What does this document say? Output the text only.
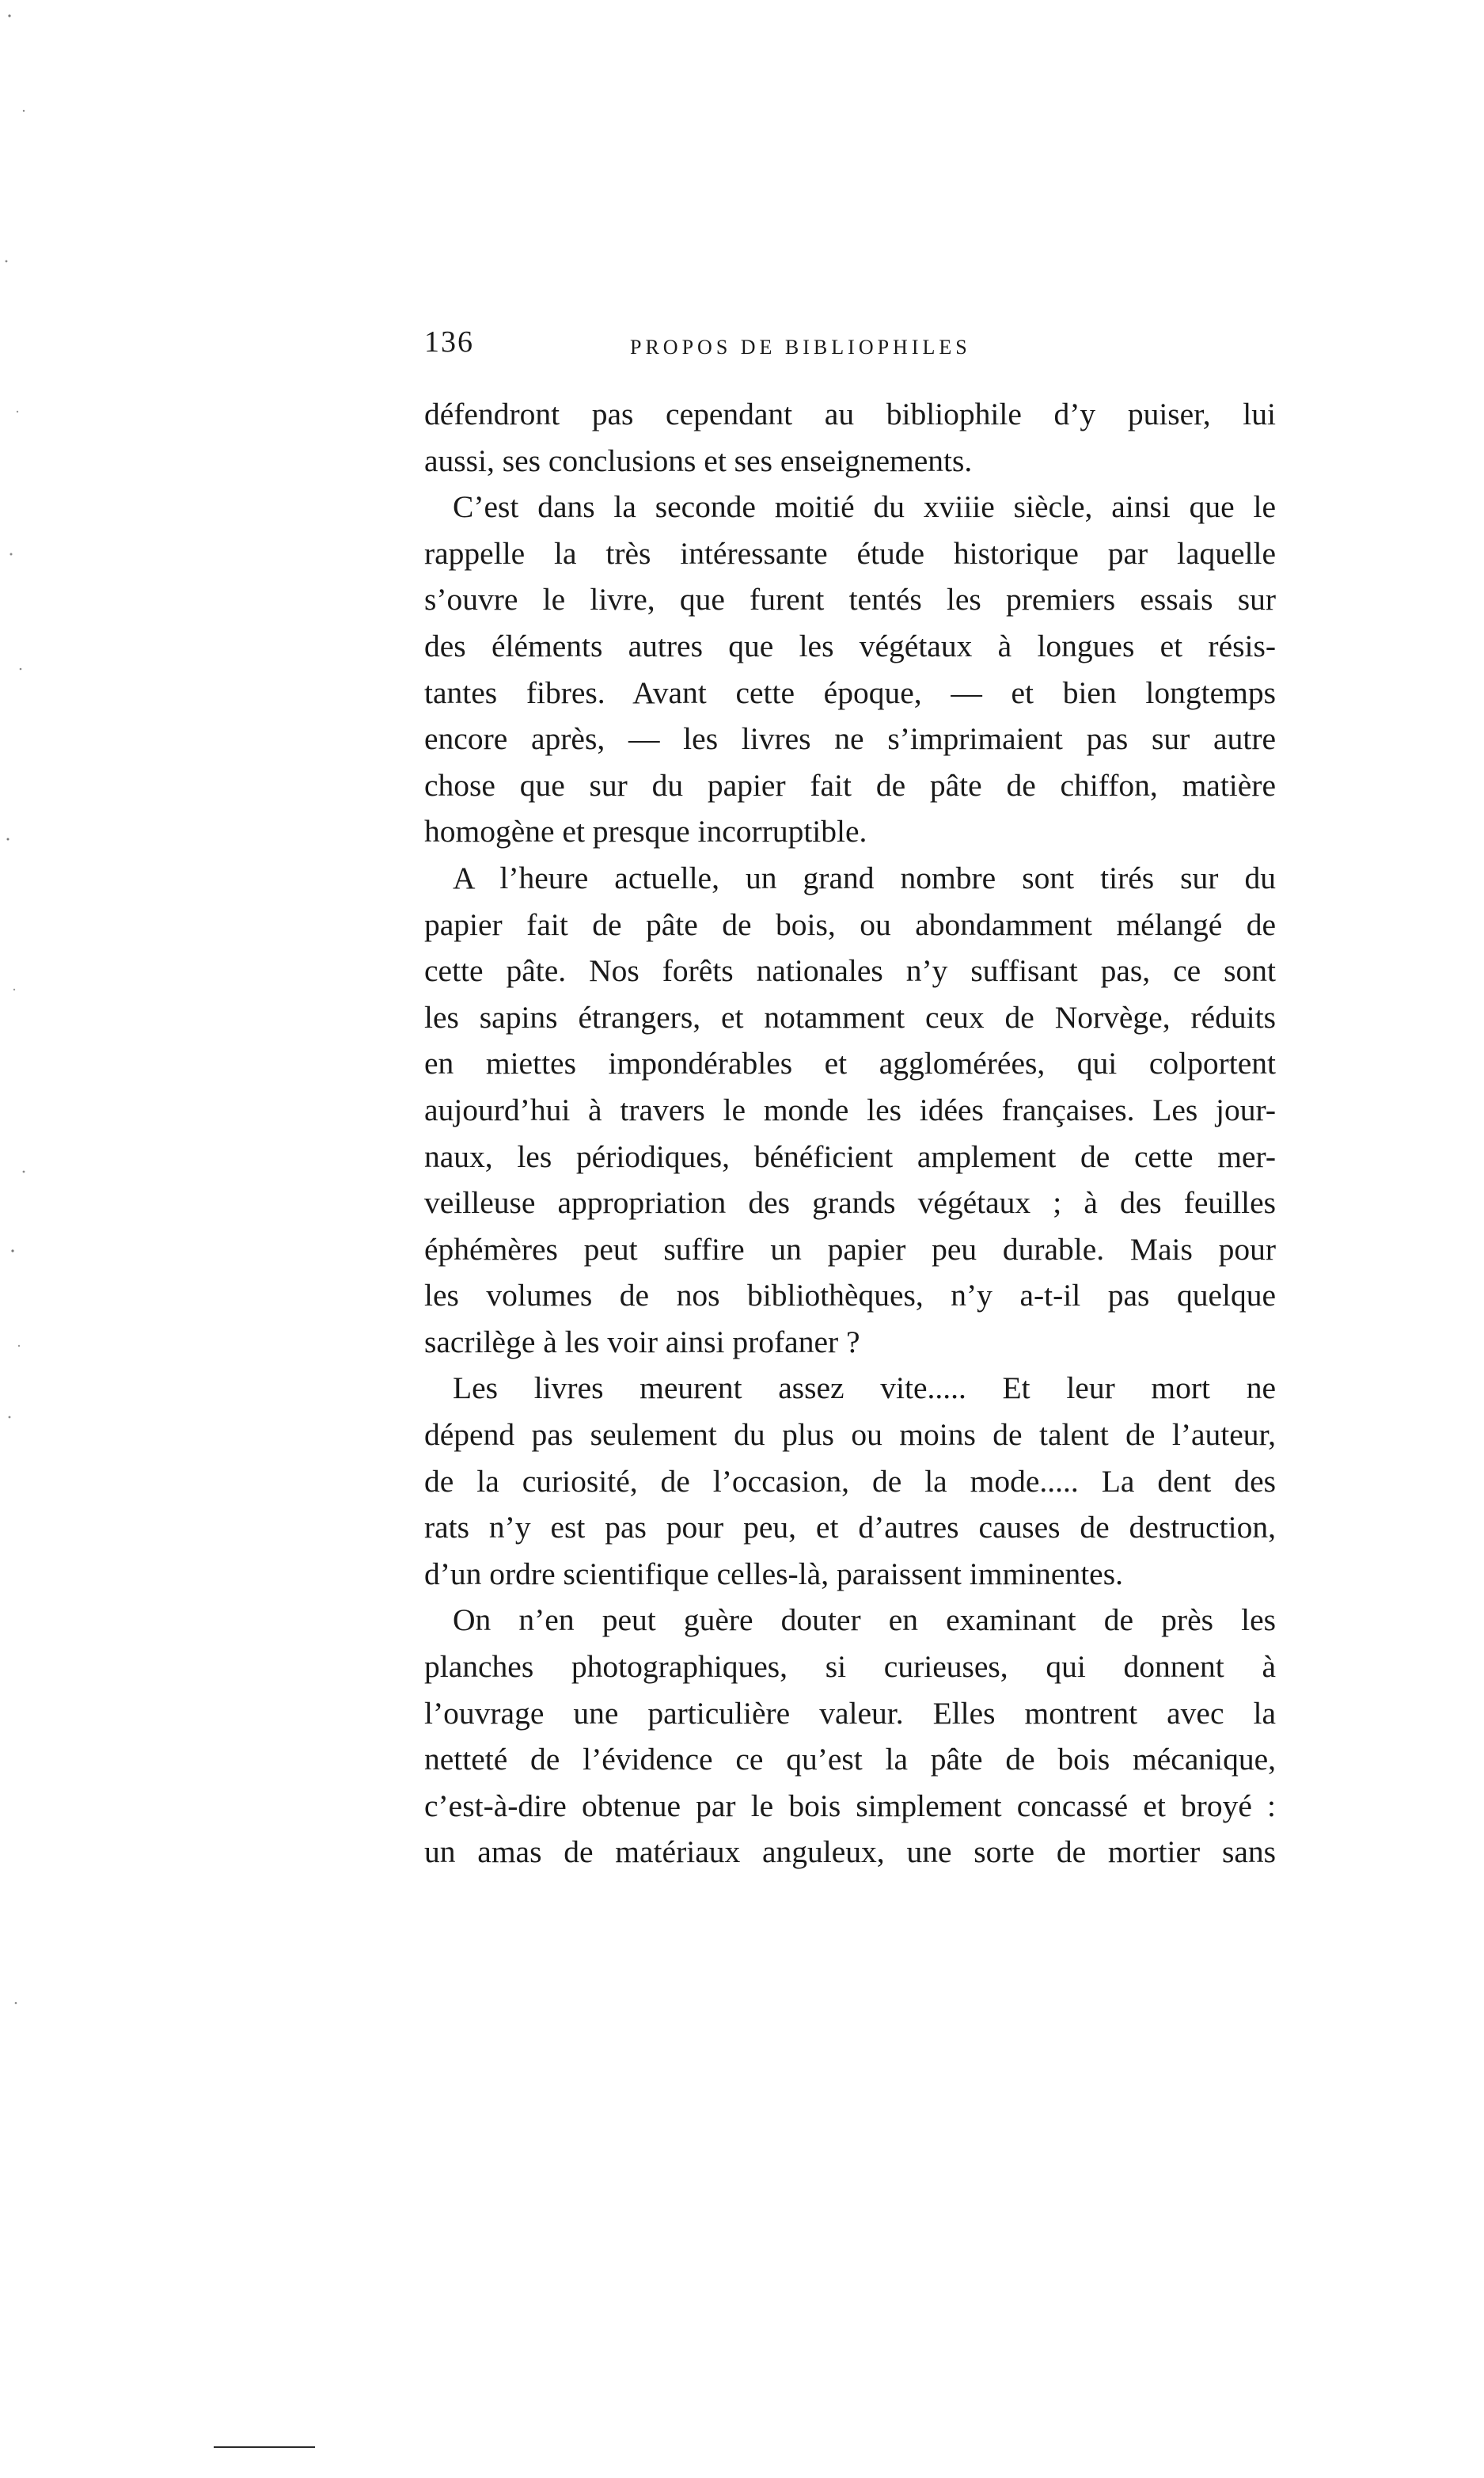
136	PROPOS DE BIBLIOPHILES
défendront pas cependant au bibliophile d’y puiser, lui
aussi, ses conclusions et ses enseignements.
C’est dans la seconde moitié du xviiie siècle, ainsi que le
rappelle la très intéressante étude historique par laquelle
s’ouvre le livre, que furent tentés les premiers essais sur
des éléments autres que les végétaux à longues et résis-
tantes fibres. Avant cette époque, — et bien longtemps
encore après, — les livres ne s’imprimaient pas sur autre
chose que sur du papier fait de pâte de chiffon, matière
homogène et presque incorruptible.
A l’heure actuelle, un grand nombre sont tirés sur du
papier fait de pâte de bois, ou abondamment mélangé de
cette pâte. Nos forêts nationales n’y suffisant pas, ce sont
les sapins étrangers, et notamment ceux de Norvège, réduits
en miettes impondérables et agglomérées, qui colportent
aujourd’hui à travers le monde les idées françaises. Les jour-
naux, les périodiques, bénéficient amplement de cette mer-
veilleuse appropriation des grands végétaux ; à des feuilles
éphémères peut suffire un papier peu durable. Mais pour
les volumes de nos bibliothèques, n’y a-t-il pas quelque
sacrilège à les voir ainsi profaner ?
Les livres meurent assez vite..... Et leur mort ne
dépend pas seulement du plus ou moins de talent de l’auteur,
de la curiosité, de l’occasion, de la mode..... La dent des
rats n’y est pas pour peu, et d’autres causes de destruction,
d’un ordre scientifique celles-là, paraissent imminentes.
On n’en peut guère douter en examinant de près les
planches photographiques, si curieuses, qui donnent à
l’ouvrage une particulière valeur. Elles montrent avec la
netteté de l’évidence ce qu’est la pâte de bois mécanique,
c’est-à-dire obtenue par le bois simplement concassé et broyé :
un amas de matériaux anguleux, une sorte de mortier sans
